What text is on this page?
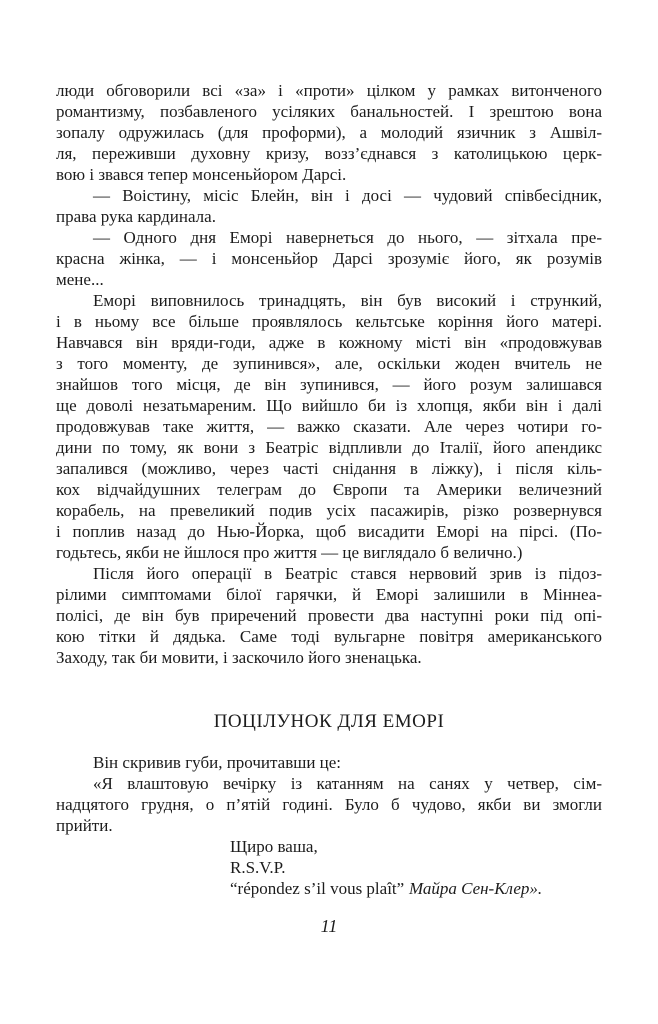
люди обговорили всі «за» і «проти» цілком у рамках витонченого
романтизму, позбавленого усіляких банальностей. І зрештою вона
зопалу одружилась (для проформи), а молодий язичник з Ашвіл-
ля, переживши духовну кризу, возз’єднався з католицькою церк-
вою і звався тепер монсеньйором Дарсі.

— Воістину, місіс Блейн, він і досі — чудовий співбесідник,
права рука кардинала.

— Одного дня Еморі навернеться до нього, — зітхала пре-
красна жінка, — і монсеньйор Дарсі зрозуміє його, як розумів
мене...

Еморі виповнилось тринадцять, він був високий і стрункий,
і в ньому все більше проявлялось кельтське коріння його матері.
Навчався він вряди-годи, адже в кожному місті він «продовжував
з того моменту, де зупинився», але, оскільки жоден вчитель не
знайшов того місця, де він зупинився, — його розум залишався
ще доволі незатьмареним. Що вийшло би із хлопця, якби він і далі
продовжував таке життя, — важко сказати. Але через чотири го-
дини по тому, як вони з Беатріс відпливли до Італії, його апендикс
запалився (можливо, через часті снідання в ліжку), і після кіль-
кох відчайдушних телеграм до Європи та Америки величезний
корабель, на превеликий подив усіх пасажирів, різко розвернувся
і поплив назад до Нью-Йорка, щоб висадити Еморі на пірсі. (По-
годьтесь, якби не йшлося про життя — це виглядало б велично.)

Після його операції в Беатріс стався нервовий зрив із підоз-
рілими симптомами білої гарячки, й Еморі залишили в Міннеа-
полісі, де він був приречений провести два наступні роки під опі-
кою тітки й дядька. Саме тоді вульгарне повітря американського
Заходу, так би мовити, і заскочило його зненацька.

ПОЦІЛУНОК ДЛЯ ЕМОРІ

Він скривив губи, прочитавши це:

«Я влаштовую вечірку із катанням на санях у четвер, сім-
надцятого грудня, о п’ятій годині. Було б чудово, якби ви змогли
прийти.

Щиро ваша,
R.S.V.P.
“répondez s’il vous plaît” Майра Сен-Клер».
11
